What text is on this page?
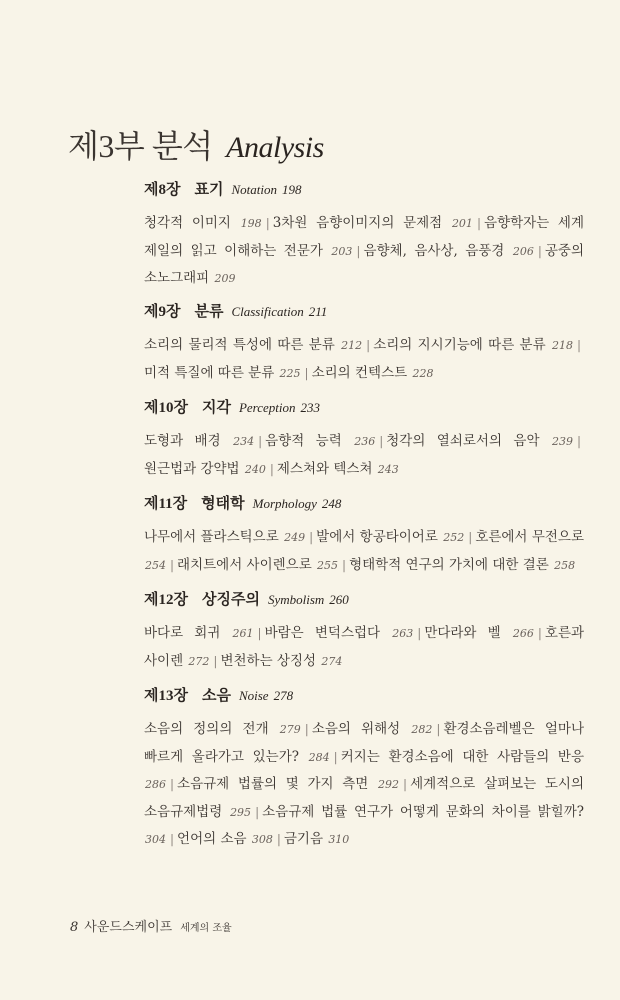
제3부 분석 Analysis
제8장 표기 Notation 198
청각적 이미지 198 | 3차원 음향이미지의 문제점 201 | 음향학자는 세계 제일의 읽고 이해하는 전문가 203 | 음향체, 음사상, 음풍경 206 | 공중의 소노그래피 209
제9장 분류 Classification 211
소리의 물리적 특성에 따른 분류 212 | 소리의 지시기능에 따른 분류 218 |미적 특질에 따른 분류 225 | 소리의 컨텍스트 228
제10장 지각 Perception 233
도형과 배경 234 | 음향적 능력 236 | 청각의 열쇠로서의 음악 239 |원근법과 강약법 240 | 제스쳐와 텍스쳐 243
제11장 형태학 Morphology 248
나무에서 플라스틱으로 249 | 발에서 항공타이어로 252 | 호른에서 무전으로 254 | 래치트에서 사이렌으로 255 | 형태학적 연구의 가치에 대한 결론 258
제12장 상징주의 Symbolism 260
바다로 회귀 261 | 바람은 변덕스럽다 263 | 만다라와 벨 266 | 호른과 사이렌 272 | 변천하는 상징성 274
제13장 소음 Noise 278
소음의 정의의 전개 279 | 소음의 위해성 282 | 환경소음레벨은 얼마나 빠르게 올라가고 있는가? 284 | 커지는 환경소음에 대한 사람들의 반응 286 | 소음규제 법률의 몇 가지 측면 292 | 세계적으로 살펴보는 도시의 소음규제법령 295 | 소음규제 법률 연구가 어떻게 문화의 차이를 밝힐까? 304 | 언어의 소음 308 | 금기음 310
8 사운드스케이프 세계의 조율
